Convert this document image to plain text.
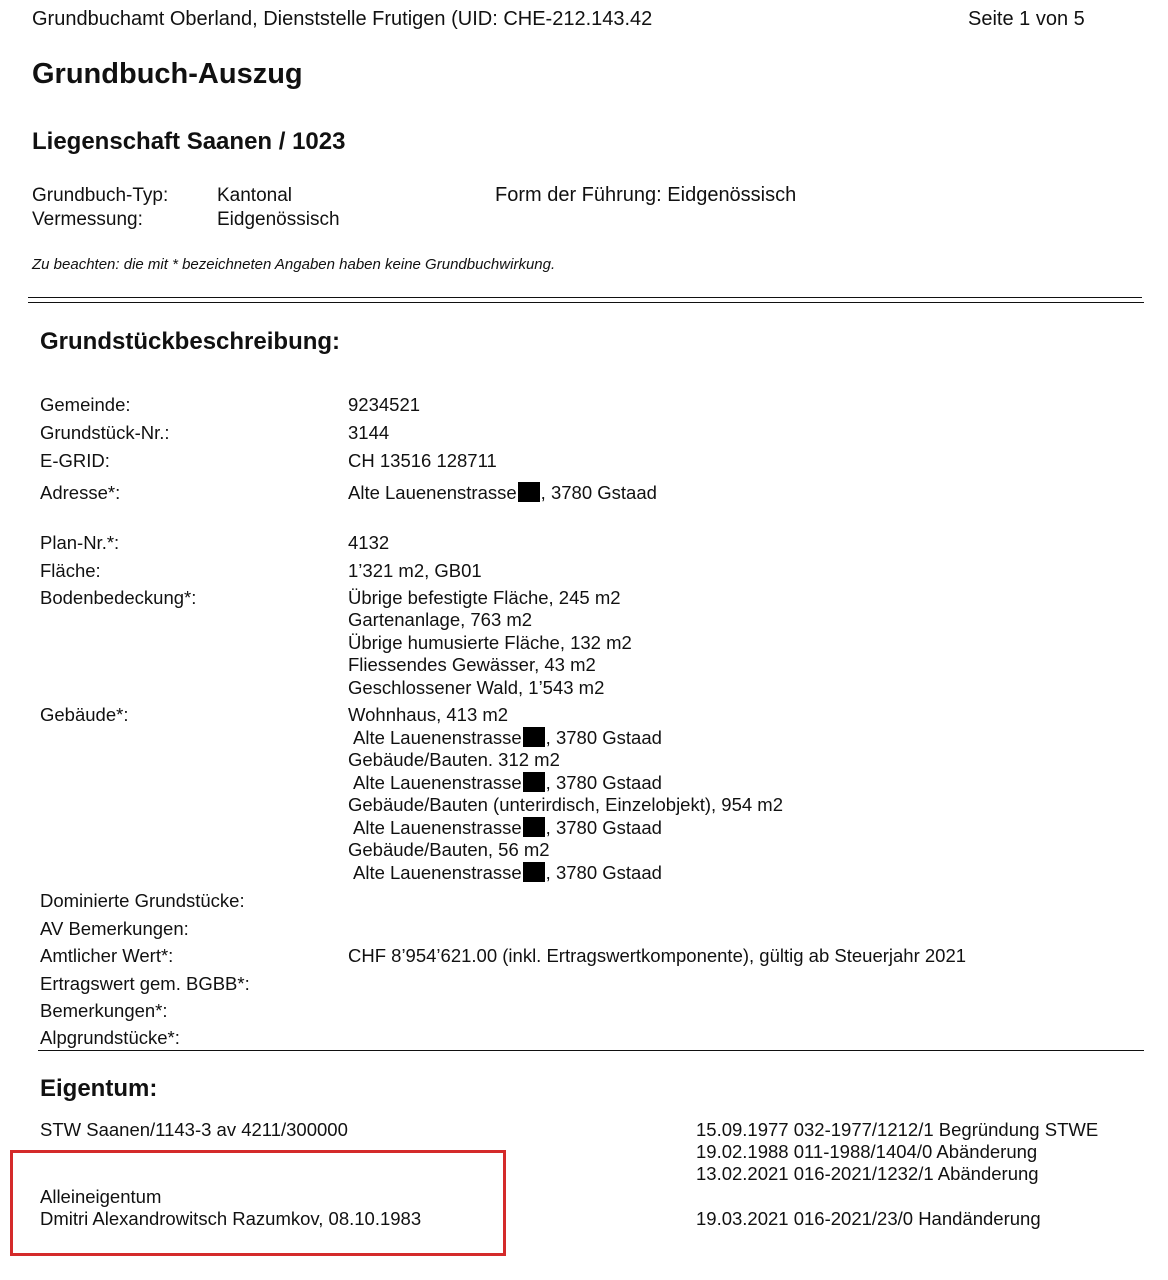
Grundbuchamt Oberland, Dienststelle Frutigen (UID: CHE-212.143.42	Seite 1 von 5
Grundbuch-Auszug
Liegenschaft Saanen / 1023
Grundbuch-Typ:	Kantonal
Vermessung:	Eidgenössisch
Form der Führung: Eidgenössisch
Zu beachten: die mit * bezeichneten Angaben haben keine Grundbuchwirkung.
Grundstückbeschreibung:
Gemeinde:	9234521
Grundstück-Nr.:	3144
E-GRID:	CH 13516 128711
Adresse*:	Alte Lauenenstrasse , 3780 Gstaad
Plan-Nr.*:	4132
Fläche:	1’321 m2, GB01
Bodenbedeckung*:	Übrige befestigte Fläche, 245 m2
Gartenanlage, 763 m2
Übrige humusierte Fläche, 132 m2
Fliessendes Gewässer, 43 m2
Geschlossener Wald, 1’543 m2
Gebäude*:	Wohnhaus, 413 m2
Alte Lauenenstrasse , 3780 Gstaad
Gebäude/Bauten. 312 m2
Alte Lauenenstrasse , 3780 Gstaad
Gebäude/Bauten (unterirdisch, Einzelobjekt), 954 m2
Alte Lauenenstrasse , 3780 Gstaad
Gebäude/Bauten, 56 m2
Alte Lauenenstrasse , 3780 Gstaad
Dominierte Grundstücke:
AV Bemerkungen:
Amtlicher Wert*:	CHF 8’954’621.00 (inkl. Ertragswertkomponente), gültig ab Steuerjahr 2021
Ertragswert gem. BGBB*:
Bemerkungen*:
Alpgrundstücke*:
Eigentum:
STW Saanen/1143-3 av 4211/300000	15.09.1977 032-1977/1212/1 Begründung STWE
19.02.1988 011-1988/1404/0 Abänderung
13.02.2021 016-2021/1232/1 Abänderung
Alleineigentum
Dmitri Alexandrowitsch Razumkov, 08.10.1983	19.03.2021 016-2021/23/0 Handänderung
